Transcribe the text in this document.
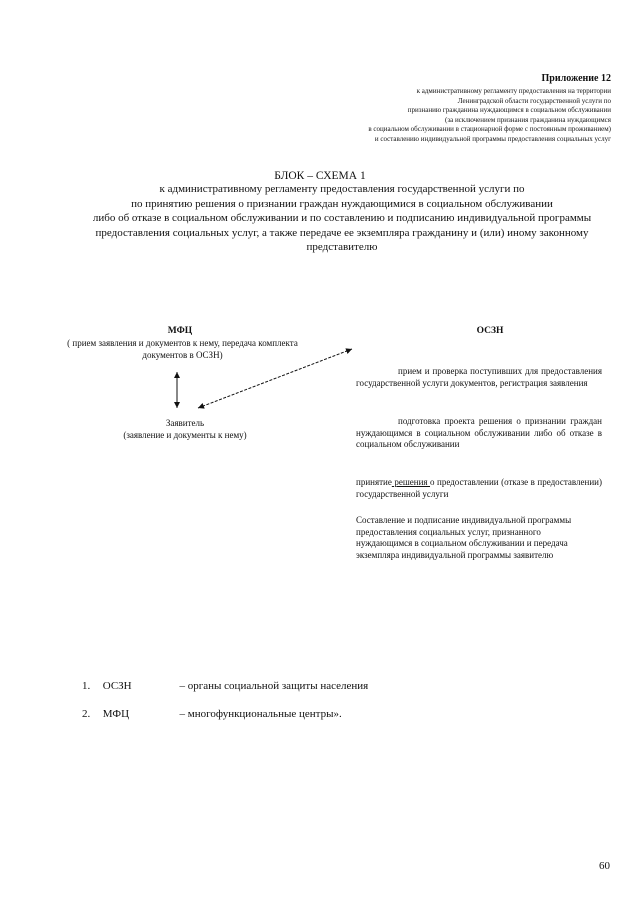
Приложение 12
к административному регламенту предоставления на территории
Ленинградской области государственной услуги по
признанию гражданина нуждающимся в социальном обслуживании
(за исключением признания гражданина нуждающимся
в социальном обслуживании в стационарной форме с постоянным проживанием)
и составлению индивидуальной программы предоставления социальных услуг
БЛОК – СХЕМА 1
к административному регламенту предоставления государственной услуги по
по принятию решения о признании граждан нуждающимися в социальном обслуживании
либо об отказе в социальном обслуживании и по составлению и подписанию индивидуальной программы
предоставления социальных услуг, а также передаче ее экземпляра гражданину и (или) иному законному
представителю
МФЦ
( прием заявления и документов к нему, передача комплекта документов в ОСЗН)
ОСЗН
Заявитель
(заявление и документы к нему)
прием и проверка поступивших для предоставления государственной услуги документов, регистрация заявления
подготовка проекта решения о признании граждан нуждающимся в социальном обслуживании либо об отказе в социальном обслуживании
принятие решения о предоставлении (отказе в предоставлении) государственной услуги
Составление и подписание индивидуальной программы предоставления социальных услуг, признанного нуждающимся в социальном обслуживании и передача экземпляра индивидуальной программы заявителю
1. ОСЗН	– органы социальной защиты населения
2. МФЦ	– многофункциональные центры».
60
